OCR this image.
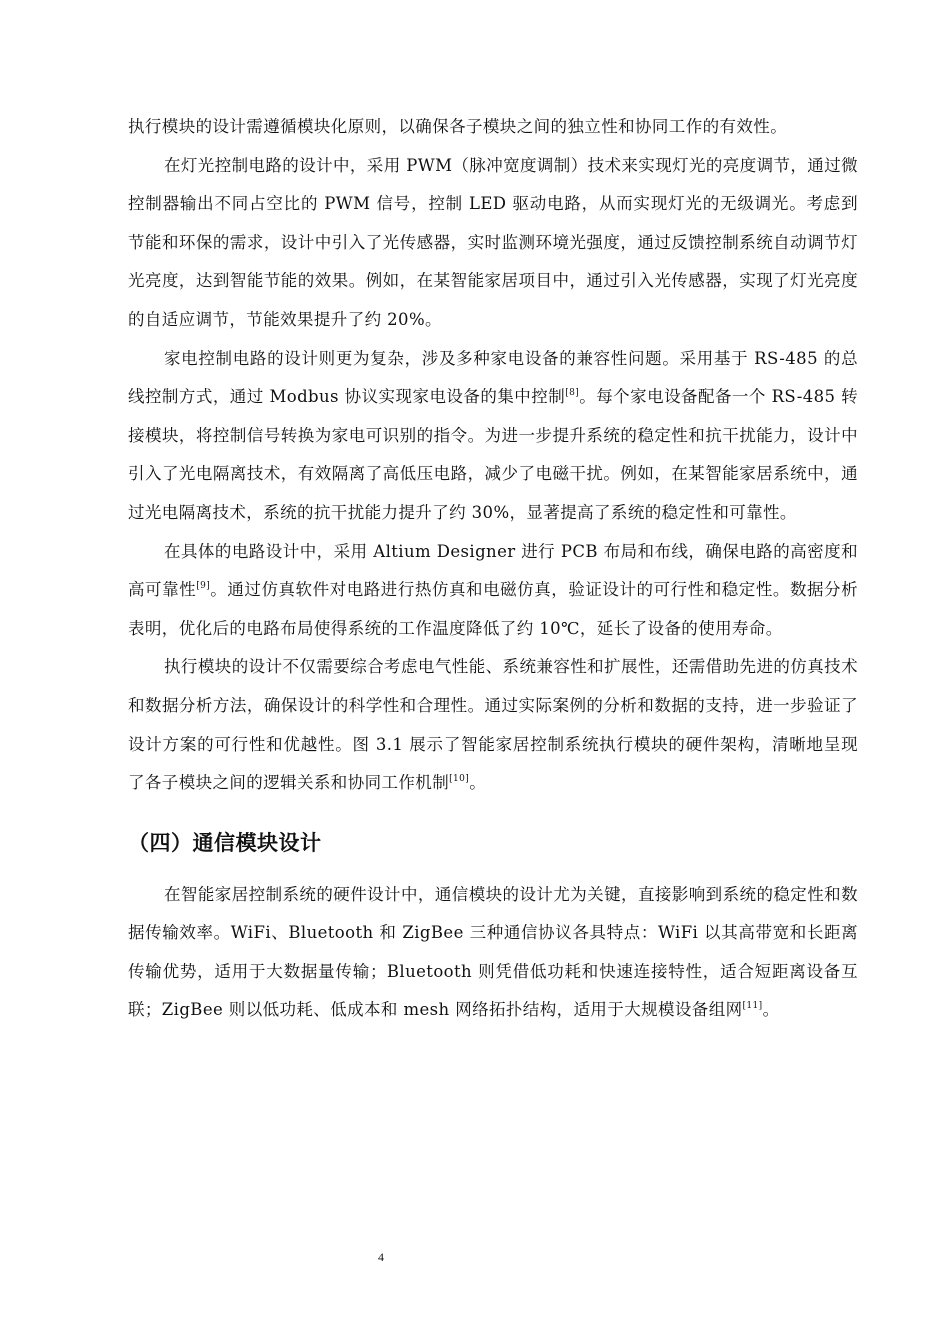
执行模块的设计需遵循模块化原则，以确保各子模块之间的独立性和协同工作的有效性。

在灯光控制电路的设计中，采用 PWM（脉冲宽度调制）技术来实现灯光的亮度调节，通过微控制器输出不同占空比的 PWM 信号，控制 LED 驱动电路，从而实现灯光的无级调光。考虑到节能和环保的需求，设计中引入了光传感器，实时监测环境光强度，通过反馈控制系统自动调节灯光亮度，达到智能节能的效果。例如，在某智能家居项目中，通过引入光传感器，实现了灯光亮度的自适应调节，节能效果提升了约 20%。

家电控制电路的设计则更为复杂，涉及多种家电设备的兼容性问题。采用基于 RS-485 的总线控制方式，通过 Modbus 协议实现家电设备的集中控制[8]。每个家电设备配备一个 RS-485 转接模块，将控制信号转换为家电可识别的指令。为进一步提升系统的稳定性和抗干扰能力，设计中引入了光电隔离技术，有效隔离了高低压电路，减少了电磁干扰。例如，在某智能家居系统中，通过光电隔离技术，系统的抗干扰能力提升了约 30%，显著提高了系统的稳定性和可靠性。

在具体的电路设计中，采用 Altium Designer 进行 PCB 布局和布线，确保电路的高密度和高可靠性[9]。通过仿真软件对电路进行热仿真和电磁仿真，验证设计的可行性和稳定性。数据分析表明，优化后的电路布局使得系统的工作温度降低了约 10℃，延长了设备的使用寿命。

执行模块的设计不仅需要综合考虑电气性能、系统兼容性和扩展性，还需借助先进的仿真技术和数据分析方法，确保设计的科学性和合理性。通过实际案例的分析和数据的支持，进一步验证了设计方案的可行性和优越性。图 3.1 展示了智能家居控制系统执行模块的硬件架构，清晰地呈现了各子模块之间的逻辑关系和协同工作机制[10]。

（四）通信模块设计

在智能家居控制系统的硬件设计中，通信模块的设计尤为关键，直接影响到系统的稳定性和数据传输效率。WiFi、Bluetooth 和 ZigBee 三种通信协议各具特点：WiFi 以其高带宽和长距离传输优势，适用于大数据量传输；Bluetooth 则凭借低功耗和快速连接特性，适合短距离设备互联；ZigBee 则以低功耗、低成本和 mesh 网络拓扑结构，适用于大规模设备组网[11]。

4
